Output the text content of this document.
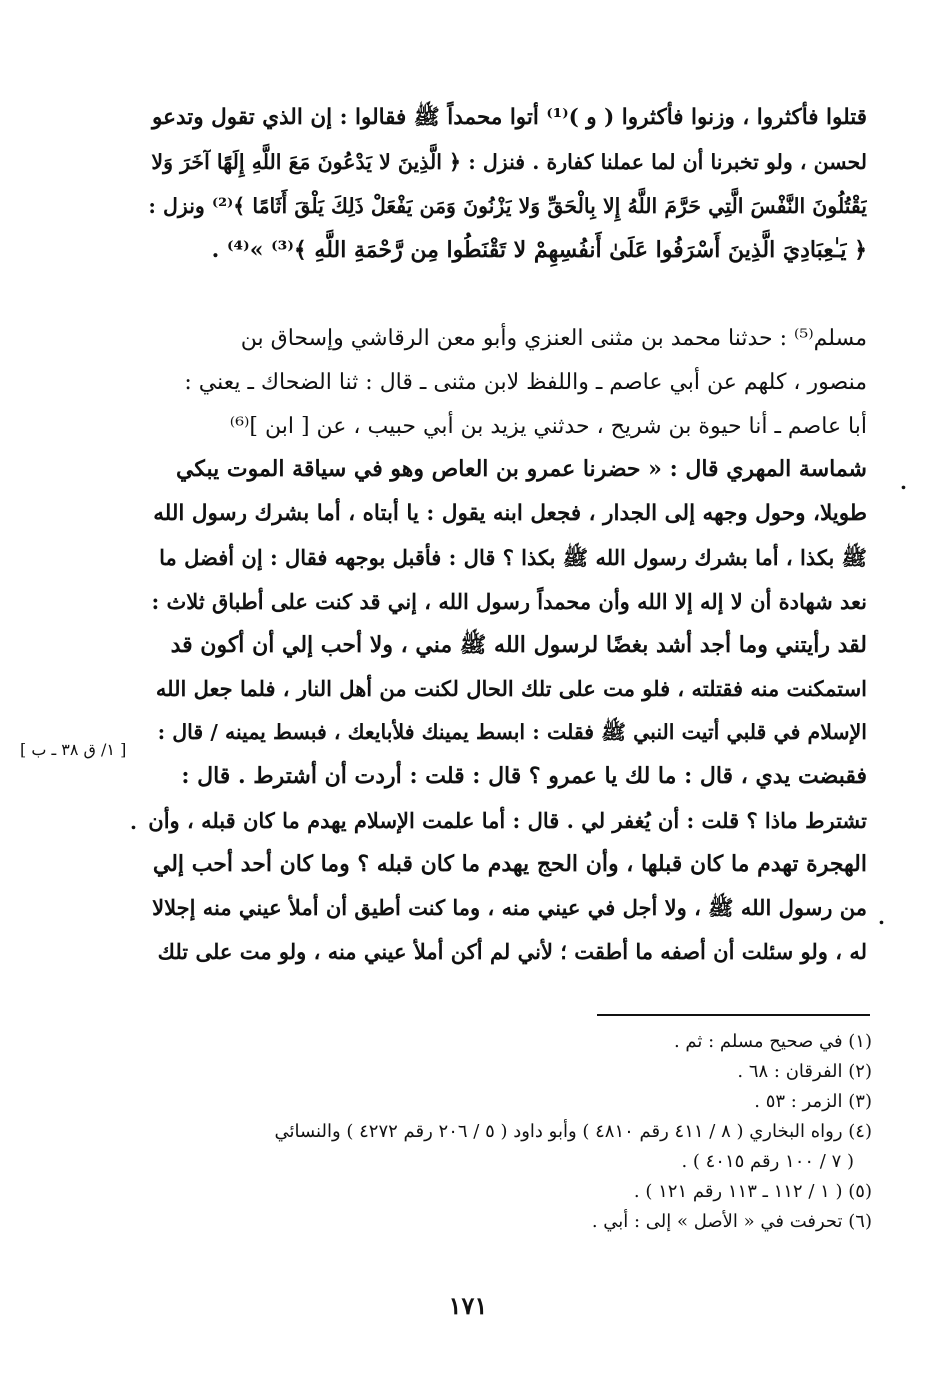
قتلوا فأكثروا ، وزنوا فأكثروا ( و )⁽¹⁾ أتوا محمداً ﷺ فقالوا : إن الذي تقول وتدعو
لحسن ، ولو تخبرنا أن لما عملنا كفارة . فنزل : ﴿ الَّذِينَ لا يَدْعُونَ مَعَ اللَّهِ إِلَهًا آخَرَ وَلا
يَقْتُلُونَ النَّفْسَ الَّتِي حَرَّمَ اللَّهُ إِلا بِالْحَقِّ وَلا يَزْنُونَ وَمَن يَفْعَلْ ذَلِكَ يَلْقَ أَثَامًا ﴾⁽²⁾ ونزل :
﴿ يَـٰعِبَادِيَ الَّذِينَ أَسْرَفُوا عَلَىٰ أَنفُسِهِمْ لا تَقْنَطُوا مِن رَّحْمَةِ اللَّهِ ﴾⁽³⁾ »⁽⁴⁾ .
مسلم⁽⁵⁾ : حدثنا محمد بن مثنى العنزي وأبو معن الرقاشي وإسحاق بن
منصور ، كلهم عن أبي عاصم ـ واللفظ لابن مثنى ـ قال : ثنا الضحاك ـ يعني :
أبا عاصم ـ أنا حيوة بن شريح ، حدثني يزيد بن أبي حبيب ، عن [ ابن ]⁽⁶⁾
شماسة المهري قال : « حضرنا عمرو بن العاص وهو في سياقة الموت يبكي
طويلا، وحول وجهه إلى الجدار ، فجعل ابنه يقول : يا أبتاه ، أما بشرك رسول الله
ﷺ بكذا ، أما بشرك رسول الله ﷺ بكذا ؟ قال : فأقبل بوجهه فقال : إن أفضل ما
نعد شهادة أن لا إله إلا الله وأن محمداً رسول الله ، إني قد كنت على أطباق ثلاث :
لقد رأيتني وما أجد أشد بغضًا لرسول الله ﷺ مني ، ولا أحب إلي أن أكون قد
استمكنت منه فقتلته ، فلو مت على تلك الحال لكنت من أهل النار ، فلما جعل الله
الإسلام في قلبي أتيت النبي ﷺ فقلت : ابسط يمينك فلأبايعك ، فبسط يمينه / قال :
فقبضت يدي ، قال : ما لك يا عمرو ؟ قال : قلت : أردت أن أشترط . قال :
تشترط ماذا ؟ قلت : أن يُغفر لي . قال : أما علمت الإسلام يهدم ما كان قبله ، وأن
الهجرة تهدم ما كان قبلها ، وأن الحج يهدم ما كان قبله ؟ وما كان أحد أحب إلي
من رسول الله ﷺ ، ولا أجل في عيني منه ، وما كنت أطيق أن أملأ عيني منه إجلالا
له ، ولو سئلت أن أصفه ما أطقت ؛ لأني لم أكن أملأ عيني منه ، ولو مت على تلك
[ ١/ ق ٣٨ ـ ب ]
.
.
.
(١) في صحيح مسلم : ثم .
(٢) الفرقان : ٦٨ .
(٣) الزمر : ٥٣ .
(٤) رواه البخاري ( ٨ / ٤١١ رقم ٤٨١٠ ) وأبو داود ( ٥ / ٢٠٦ رقم ٤٢٧٢ ) والنسائي
( ٧ / ١٠٠ رقم ٤٠١٥ ) .
(٥) ( ١ / ١١٢ ـ ١١٣ رقم ١٢١ ) .
(٦) تحرفت في « الأصل » إلى : أبي .
١٧١
